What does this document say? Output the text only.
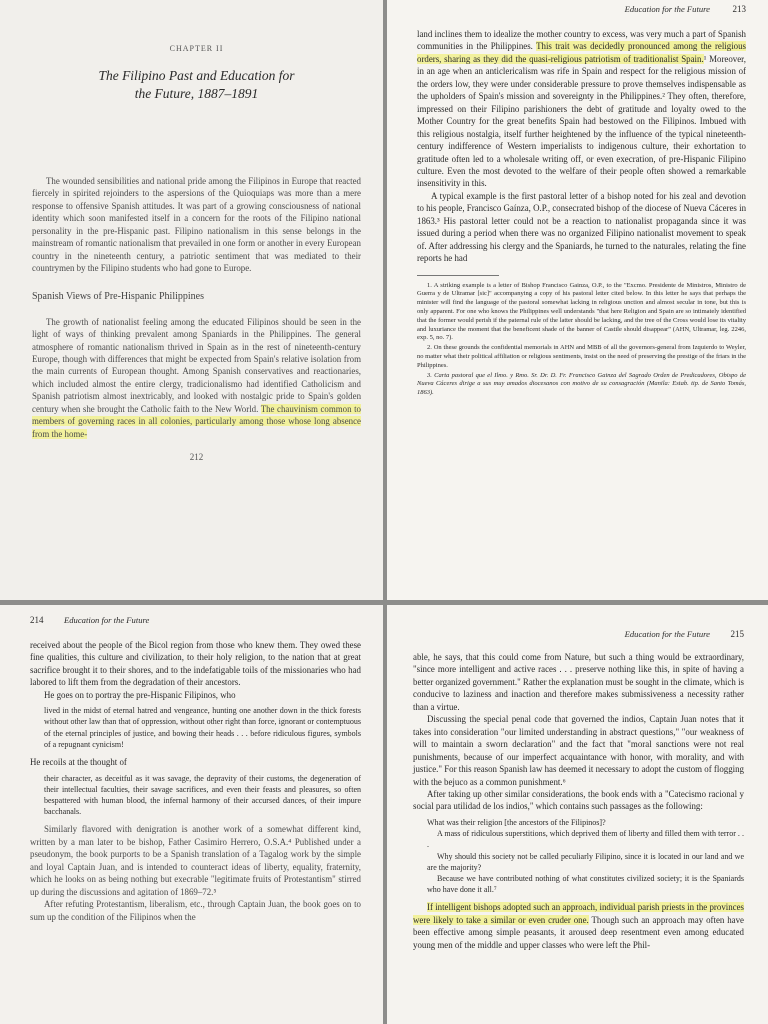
CHAPTER II
The Filipino Past and Education for
the Future, 1887–1891

The wounded sensibilities and national pride among the Filipinos in Europe that reacted fiercely in spirited rejoinders to the aspersions of the Quioquiaps was more than a mere response to offensive Spanish attitudes. It was part of a growing consciousness of national identity which soon manifested itself in a concern for the roots of the Filipino national personality in the pre-Hispanic past. Filipino nationalism in this sense belongs in the mainstream of romantic nationalism that prevailed in one form or another in every European country in the nineteenth century, a patriotic sentiment that was mediated to their countrymen by the Filipino students who had gone to Europe.

Spanish Views of Pre-Hispanic Philippines

The growth of nationalist feeling among the educated Filipinos should be seen in the light of ways of thinking prevalent among Spaniards in the Philippines. The general atmosphere of romantic nationalism thrived in Spain as in the rest of nineteenth-century Europe, though with differences that might be expected from Spain's relative isolation from the main currents of European thought. Among Spanish conservatives and reactionaries, which included almost the entire clergy, tradicionalismo had identified Catholicism and Spanish patriotism almost inextricably, and looked with nostalgic pride to Spain's golden century when she brought the Catholic faith to the New World. The chauvinism common to members of governing races in all colonies, particularly among those whose long absence from the home-

212
Education for the Future	213

land inclines them to idealize the mother country to excess, was very much a part of Spanish communities in the Philippines. This trait was decidedly pronounced among the religious orders, sharing as they did the quasi-religious patriotism of traditionalist Spain.¹ Moreover, in an age when an anticlericalism was rife in Spain and respect for the religious mission of the orders low, they were under considerable pressure to prove themselves indispensable as the upholders of Spain's mission and sovereignty in the Philippines.² They often, therefore, impressed on their Filipino parishioners the debt of gratitude and loyalty owed to the Mother Country for the great benefits Spain had bestowed on the Filipinos. Imbued with this religious nostalgia, itself further heightened by the influence of the typical nineteenth-century indifference of Western imperialists to indigenous culture, their exhortation to gratitude often led to a wholesale writing off, or even execration, of pre-Hispanic Filipino culture. Even the most devoted to the welfare of their people often showed a remarkable insensitivity in this.

A typical example is the first pastoral letter of a bishop noted for his zeal and devotion to his people, Francisco Gaínza, O.P., consecrated bishop of the diocese of Nueva Cáceres in 1863.³ His pastoral letter could not be a reaction to nationalist propaganda since it was issued during a period when there was no organized Filipino nationalist movement to speak of. After addressing his clergy and the Spaniards, he turned to the naturales, relating the fine reports he had

1. A striking example is a letter of Bishop Francisco Gainza, O.P., to the "Excmo. Presidente de Ministros, Ministro de Guerra y de Ultramar [sic]" accompanying a copy of his pastoral letter cited below. In this letter he says that perhaps the minister will find the language of the pastoral somewhat lacking in religious unction and almost secular in tone, but this is only apparent. For one who knows the Philippines well understands "that here Religion and Spain are so intimately identified that the former would perish if the paternal rule of the latter should be lacking, and the tree of the Cross would lose its vitality and luxuriance the moment that the beneficent shade of the banner of Castile should disappear" (AHN, Ultramar, leg. 2246, exp. 5, no. 7).

2. On these grounds the confidential memorials in AHN and MBB of all the governors-general from Izquierdo to Weyler, no matter what their political affiliation or religious sentiments, insist on the need of preserving the prestige of the friars in the Philippines.

3. Carta pastoral que el Ilmo. y Rmo. Sr. Dr. D. Fr. Francisco Gainza del Sagrado Orden de Predicadores, Obispo de Nueva Cáceres dirige a sus muy amados diocesanos con motivo de su consagración (Manila: Estab. tip. de Santo Tomás, 1863).

214 Education for the Future

received about the people of the Bicol region from those who knew them. They owed these fine qualities, this culture and civilization, to their holy religion, to the nation that at great sacrifice brought it to their shores, and to the indefatigable toils of the missionaries who had labored to lift them from the degradation of their ancestors.

He goes on to portray the pre-Hispanic Filipinos, who

lived in the midst of eternal hatred and vengeance, hunting one another down in the thick forests without other law than that of oppression, without other right than force, ignorant or contemptuous of the eternal principles of justice, and bowing their heads . . . before ridiculous figures, symbols of a repugnant cynicism!

He recoils at the thought of

their character, as deceitful as it was savage, the depravity of their customs, the degeneration of their intellectual faculties, their savage sacrifices, and even their feasts and pleasures, so often bespattered with human blood, the infernal harmony of their accursed dances, of their impure bacchanals.

Similarly flavored with denigration is another work of a somewhat different kind, written by a man later to be bishop, Father Casimiro Herrero, O.S.A.⁴ Published under a pseudonym, the book purports to be a Spanish translation of a Tagalog work by the simple and loyal Captain Juan, and is intended to counteract ideas of liberty, equality, fraternity, which he looks on as being nothing but execrable "legitimate fruits of Protestantism" stirred up during the discussions and agitation of 1869–72.⁵

After refuting Protestantism, liberalism, etc., through Captain Juan, the book goes on to sum up the condition of the Filipinos when the

Education for the Future 215

able, he says, that this could come from Nature, but such a thing would be extraordinary, "since more intelligent and active races . . . preserve nothing like this, in spite of having a better organized government." Rather the explanation must be sought in the climate, which is conducive to laziness and inaction and therefore makes submissiveness a necessity rather than a virtue.

Discussing the special penal code that governed the indios, Captain Juan notes that it takes into consideration "our limited understanding in abstract questions," "our weakness of will to maintain a sworn declaration" and the fact that "moral sanctions were not real punishments, because of our imperfect acquaintance with honor, with morality, and with justice." For this reason Spanish law has deemed it necessary to adopt the custom of flogging with the bejuco as a common punishment.⁶

After taking up other similar considerations, the book ends with a "Catecismo racional y social para utilidad de los indios," which contains such passages as the following:

What was their religion [the ancestors of the Filipinos]?
A mass of ridiculous superstitions, which deprived them of liberty and filled them with terror . . .
Why should this society not be called peculiarly Filipino, since it is located in our land and we are the majority?
Because we have contributed nothing of what constitutes civilized society; it is the Spaniards who have done it all.⁷

If intelligent bishops adopted such an approach, individual parish priests in the provinces were likely to take a similar or even cruder one. Though such an approach may often have been effective among simple peasants, it aroused deep resentment even among educated young men of the middle and upper classes who were left the Phil-
